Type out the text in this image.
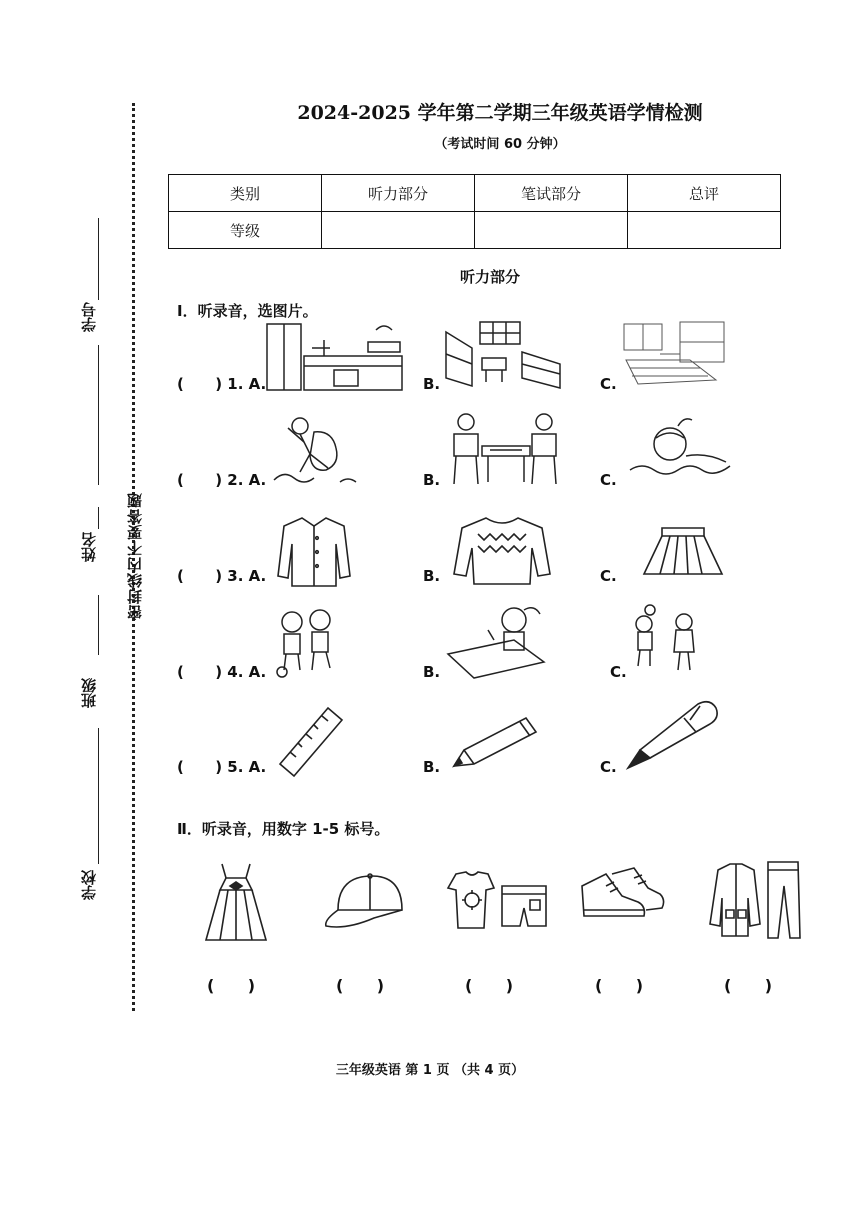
密封线内不要答题
学号
姓名
班级
学校
2024-2025 学年第二学期三年级英语学情检测
（考试时间 60 分钟）
类别	听力部分	笔试部分	总评
等级			
听力部分
Ⅰ．听录音，选图片。
(      ) 1. A.	B.	C.
(      ) 2. A.	B.	C.
(      ) 3. A.	B.	C.
(      ) 4. A.	B.	C.
(      ) 5. A.	B.	C.
Ⅱ．听录音，用数字 1-5 标号。
(      )	(      )	(      )	(      )	(      )
三年级英语 第 1 页 （共 4 页）
